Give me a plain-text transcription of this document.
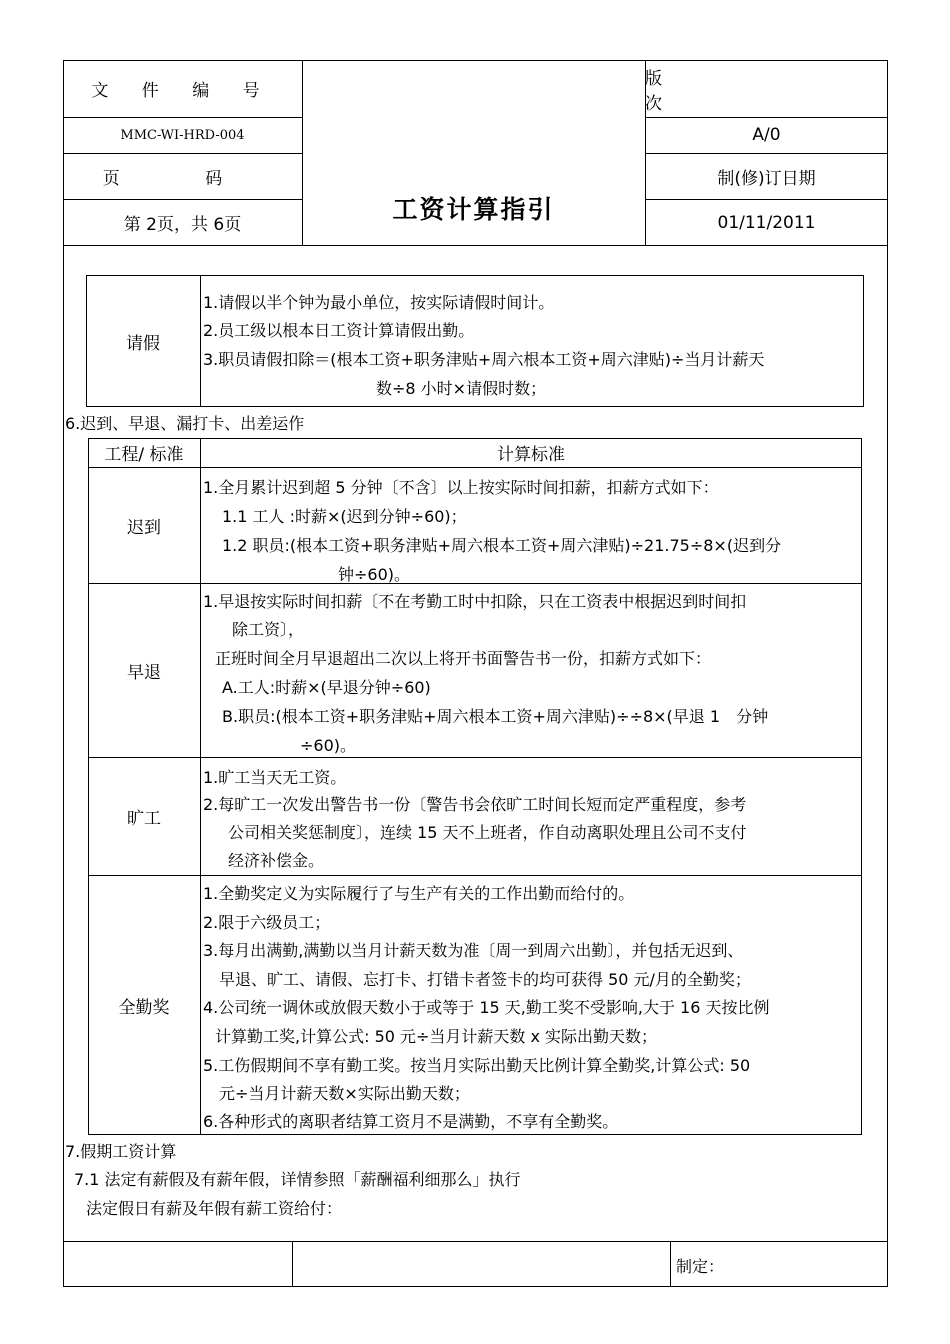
文 件 编 号
MMC-WI-HRD-004
页 码
第 2页，共 6页
工资计算指引
版 次
A/0
制(修)订日期
01/11/2011
请假
1.请假以半个钟为最小单位，按实际请假时间计。
2.员工级以根本日工资计算请假出勤。
3.职员请假扣除＝(根本工资+职务津贴+周六根本工资+周六津贴)÷当月计薪天
数÷8 小时×请假时数；
6.迟到、早退、漏打卡、出差运作
工程/ 标准	计算标准
迟到
1.全月累计迟到超 5 分钟〔不含〕以上按实际时间扣薪，扣薪方式如下：
1.1 工人 :时薪×(迟到分钟÷60)；
1.2 职员:(根本工资+职务津贴+周六根本工资+周六津贴)÷21.75÷8×(迟到分
钟÷60)。
早退
1.早退按实际时间扣薪〔不在考勤工时中扣除，只在工资表中根据迟到时间扣
除工资〕，
正班时间全月早退超出二次以上将开书面警告书一份，扣薪方式如下：
A.工人:时薪×(早退分钟÷60)
B.职员:(根本工资+职务津贴+周六根本工资+周六津贴)÷÷8×(早退 1　分钟
÷60)。
旷工
1.旷工当天无工资。
2.每旷工一次发出警告书一份〔警告书会依旷工时间长短而定严重程度，参考
公司相关奖惩制度〕，连续 15 天不上班者，作自动离职处理且公司不支付
经济补偿金。
全勤奖
1.全勤奖定义为实际履行了与生产有关的工作出勤而给付的。
2.限于六级员工；
3.每月出满勤,满勤以当月计薪天数为准〔周一到周六出勤〕，并包括无迟到、
早退、旷工、请假、忘打卡、打错卡者签卡的均可获得 50 元/月的全勤奖；
4.公司统一调休或放假天数小于或等于 15 天,勤工奖不受影响,大于 16 天按比例
计算勤工奖,计算公式: 50 元÷当月计薪天数 x 实际出勤天数；
5.工伤假期间不享有勤工奖。按当月实际出勤天比例计算全勤奖,计算公式: 50
元÷当月计薪天数×实际出勤天数；
6.各种形式的离职者结算工资月不是满勤，不享有全勤奖。
7.假期工资计算
7.1 法定有薪假及有薪年假，详情参照「薪酬福利细那么」执行
法定假日有薪及年假有薪工资给付：
制定：
